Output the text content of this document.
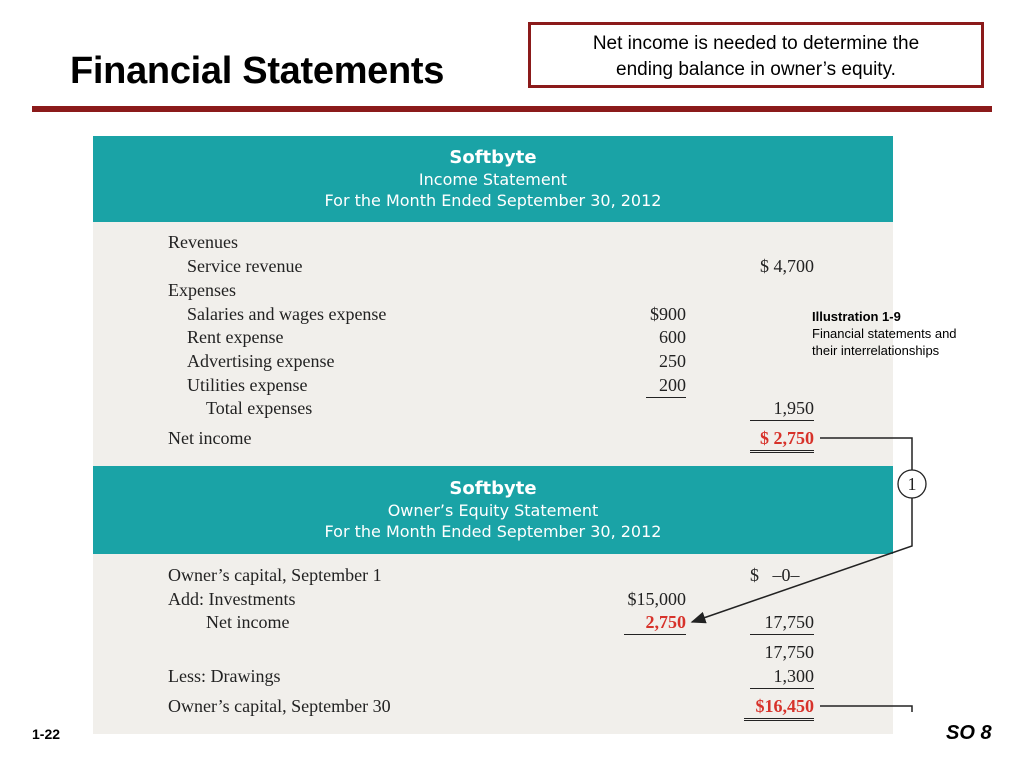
Financial Statements
Net income is needed to determine the
ending balance in owner’s equity.
Softbyte
Income Statement
For the Month Ended September 30, 2012
Revenues
Service revenue	$ 4,700
Expenses
Salaries and wages expense	$900
Rent expense	600
Advertising expense	250
Utilities expense	200
Total expenses	1,950
Net income	$ 2,750
Softbyte
Owner’s Equity Statement
For the Month Ended September 30, 2012
Owner’s capital, September 1	$   –0–
Add: Investments	$15,000
Net income	2,750	17,750
17,750
Less: Drawings	1,300
Owner’s capital, September 30	$16,450
Illustration 1-9
Financial statements and
their interrelationships
1
1-22	SO 8
